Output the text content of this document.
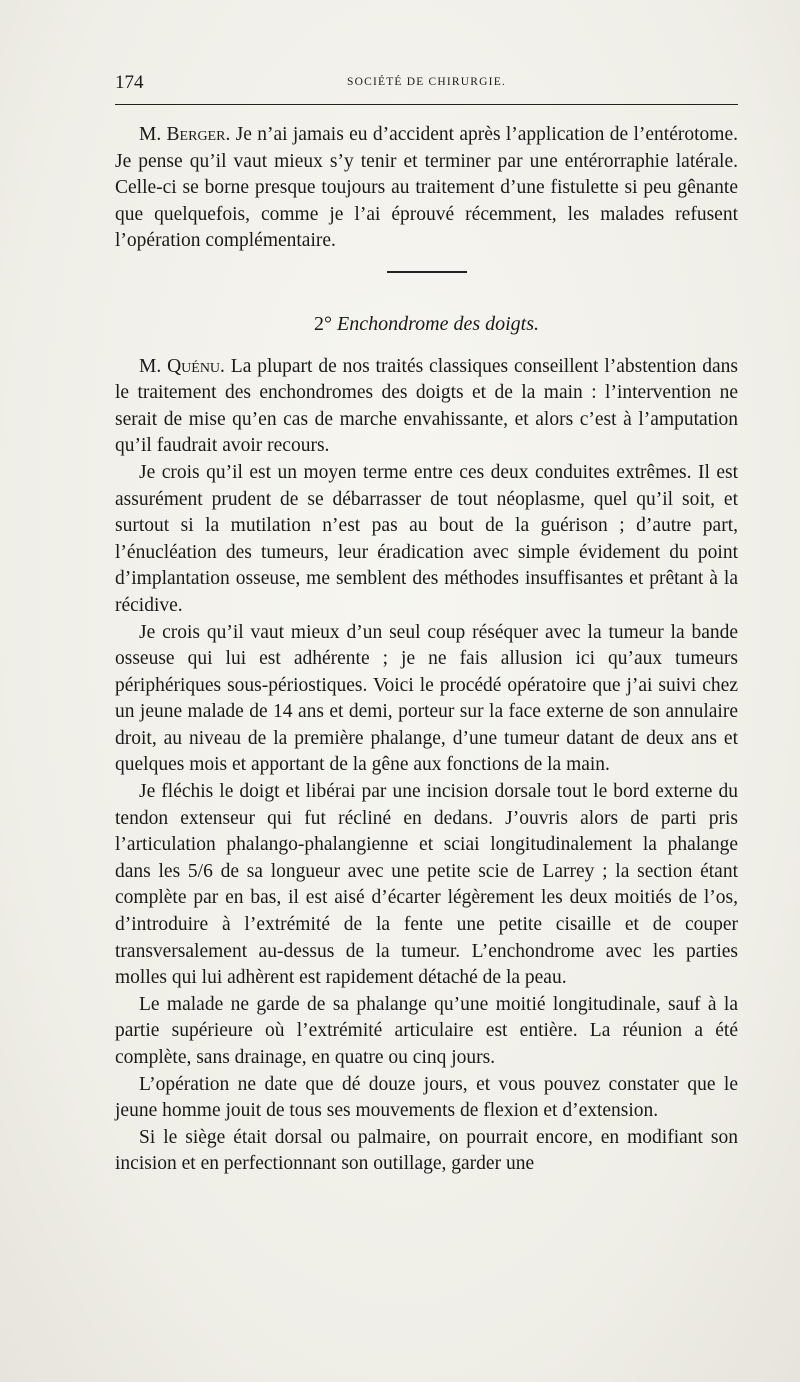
174	SOCIÉTÉ DE CHIRURGIE.

M. Berger. Je n’ai jamais eu d’accident après l’application de l’entérotome. Je pense qu’il vaut mieux s’y tenir et terminer par une entérorraphie latérale. Celle-ci se borne presque toujours au traitement d’une fistulette si peu gênante que quelquefois, comme je l’ai éprouvé récemment, les malades refusent l’opération complémentaire.

2° Enchondrome des doigts.

M. Quénu. La plupart de nos traités classiques conseillent l’abstention dans le traitement des enchondromes des doigts et de la main : l’intervention ne serait de mise qu’en cas de marche envahissante, et alors c’est à l’amputation qu’il faudrait avoir recours.

Je crois qu’il est un moyen terme entre ces deux conduites extrêmes. Il est assurément prudent de se débarrasser de tout néoplasme, quel qu’il soit, et surtout si la mutilation n’est pas au bout de la guérison ; d’autre part, l’énucléation des tumeurs, leur éradication avec simple évidement du point d’implantation osseuse, me semblent des méthodes insuffisantes et prêtant à la récidive.

Je crois qu’il vaut mieux d’un seul coup réséquer avec la tumeur la bande osseuse qui lui est adhérente ; je ne fais allusion ici qu’aux tumeurs périphériques sous-périostiques. Voici le procédé opératoire que j’ai suivi chez un jeune malade de 14 ans et demi, porteur sur la face externe de son annulaire droit, au niveau de la première phalange, d’une tumeur datant de deux ans et quelques mois et apportant de la gêne aux fonctions de la main.

Je fléchis le doigt et libérai par une incision dorsale tout le bord externe du tendon extenseur qui fut récliné en dedans. J’ouvris alors de parti pris l’articulation phalango-phalangienne et sciai longitudinalement la phalange dans les 5/6 de sa longueur avec une petite scie de Larrey ; la section étant complète par en bas, il est aisé d’écarter légèrement les deux moitiés de l’os, d’introduire à l’extrémité de la fente une petite cisaille et de couper transversalement au-dessus de la tumeur. L’enchondrome avec les parties molles qui lui adhèrent est rapidement détaché de la peau.

Le malade ne garde de sa phalange qu’une moitié longitudinale, sauf à la partie supérieure où l’extrémité articulaire est entière. La réunion a été complète, sans drainage, en quatre ou cinq jours.

L’opération ne date que dé douze jours, et vous pouvez constater que le jeune homme jouit de tous ses mouvements de flexion et d’extension.

Si le siège était dorsal ou palmaire, on pourrait encore, en modifiant son incision et en perfectionnant son outillage, garder une
